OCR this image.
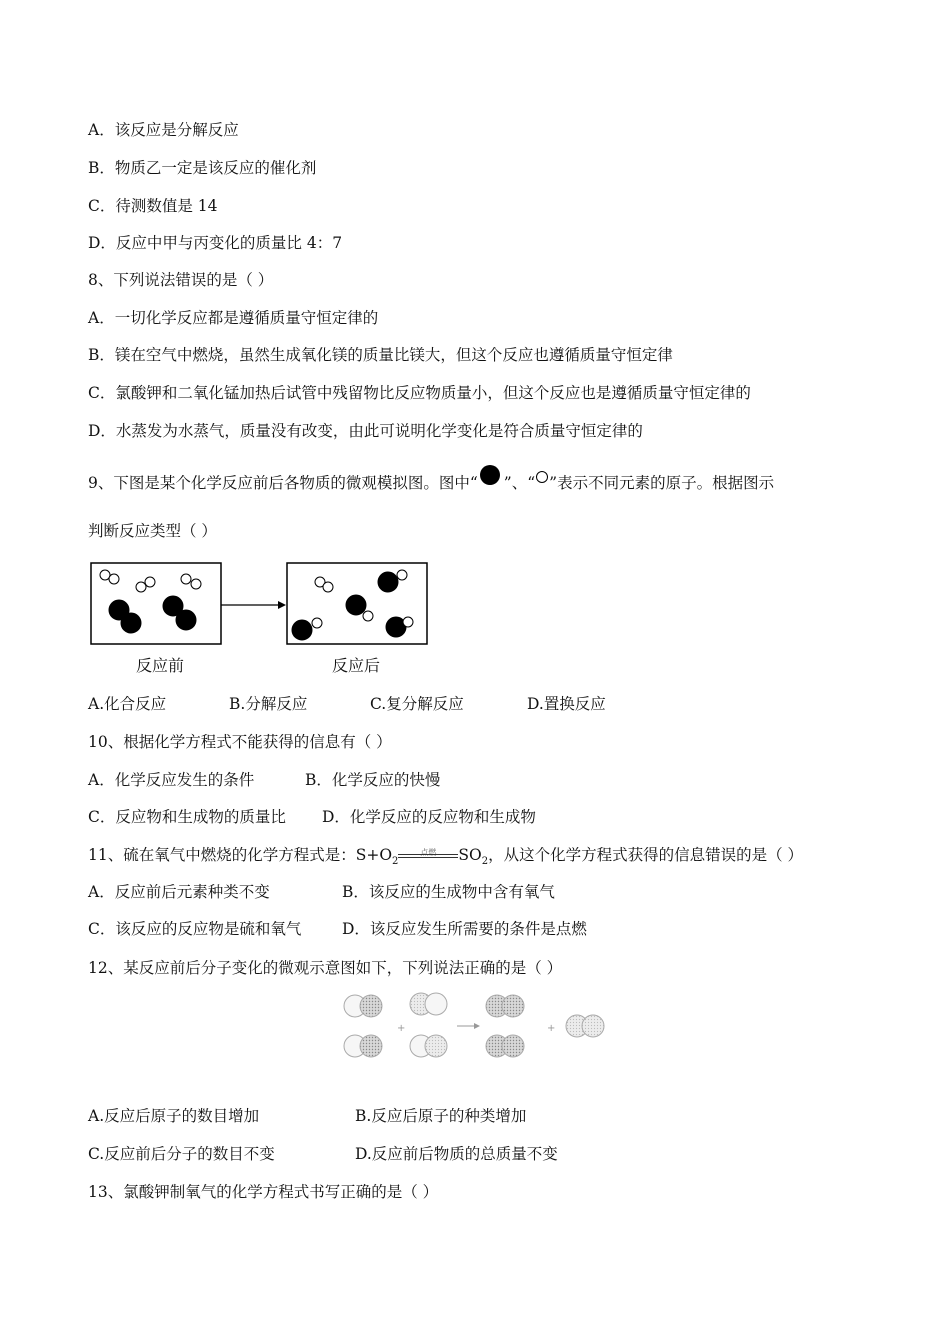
A．该反应是分解反应
B．物质乙一定是该反应的催化剂
C．待测数值是 14
D．反应中甲与丙变化的质量比 4：7
8、下列说法错误的是（ ）
A．一切化学反应都是遵循质量守恒定律的
B．镁在空气中燃烧，虽然生成氧化镁的质量比镁大，但这个反应也遵循质量守恒定律
C．氯酸钾和二氧化锰加热后试管中残留物比反应物质量小，但这个反应也是遵循质量守恒定律的
D．水蒸发为水蒸气，质量没有改变，由此可说明化学变化是符合质量守恒定律的
9、下图是某个化学反应前后各物质的微观模拟图。图中“ ”、“ ”表示不同元素的原子。根据图示
判断反应类型（ ）
反应前	反应后
A.化合反应	B.分解反应	C.复分解反应	D.置换反应
10、根据化学方程式不能获得的信息有（ ）
A．化学反应发生的条件	B．化学反应的快慢
C．反应物和生成物的质量比 D．化学反应的反应物和生成物
11、硫在氧气中燃烧的化学方程式是：$S+O_2$
点燃	$SO_2$，从这个化学方程式获得的信息错误的是（ ）
A．反应前后元素种类不变	B．该反应的生成物中含有氧气
C．该反应的反应物是硫和氧气	D．该反应发生所需要的条件是点燃
12、某反应前后分子变化的微观示意图如下，下列说法正确的是（ ）
+	+
A.反应后原子的数目增加	B.反应后原子的种类增加
C.反应前后分子的数目不变	D.反应前后物质的总质量不变
13、氯酸钾制氧气的化学方程式书写正确的是（ ）
